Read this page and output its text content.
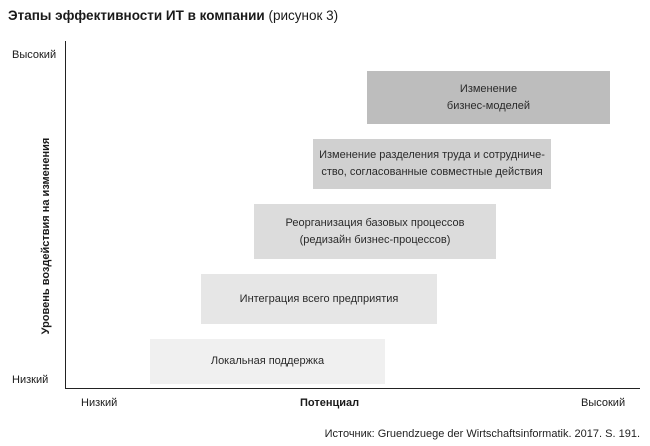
Этапы эффективности ИТ в компании (рисунок 3)
Уровень воздействия на изменения
Высокий
Низкий
Низкий	Потенциал	Высокий
Локальная поддержка
Интеграция всего предприятия
Реорганизация базовых процессов
(редизайн бизнес-процессов)
Изменение разделения труда и сотрудниче-
ство, согласованные совместные действия
Изменение
бизнес-моделей
Источник: Gruendzuege der Wirtschaftsinformatik. 2017. S. 191.
